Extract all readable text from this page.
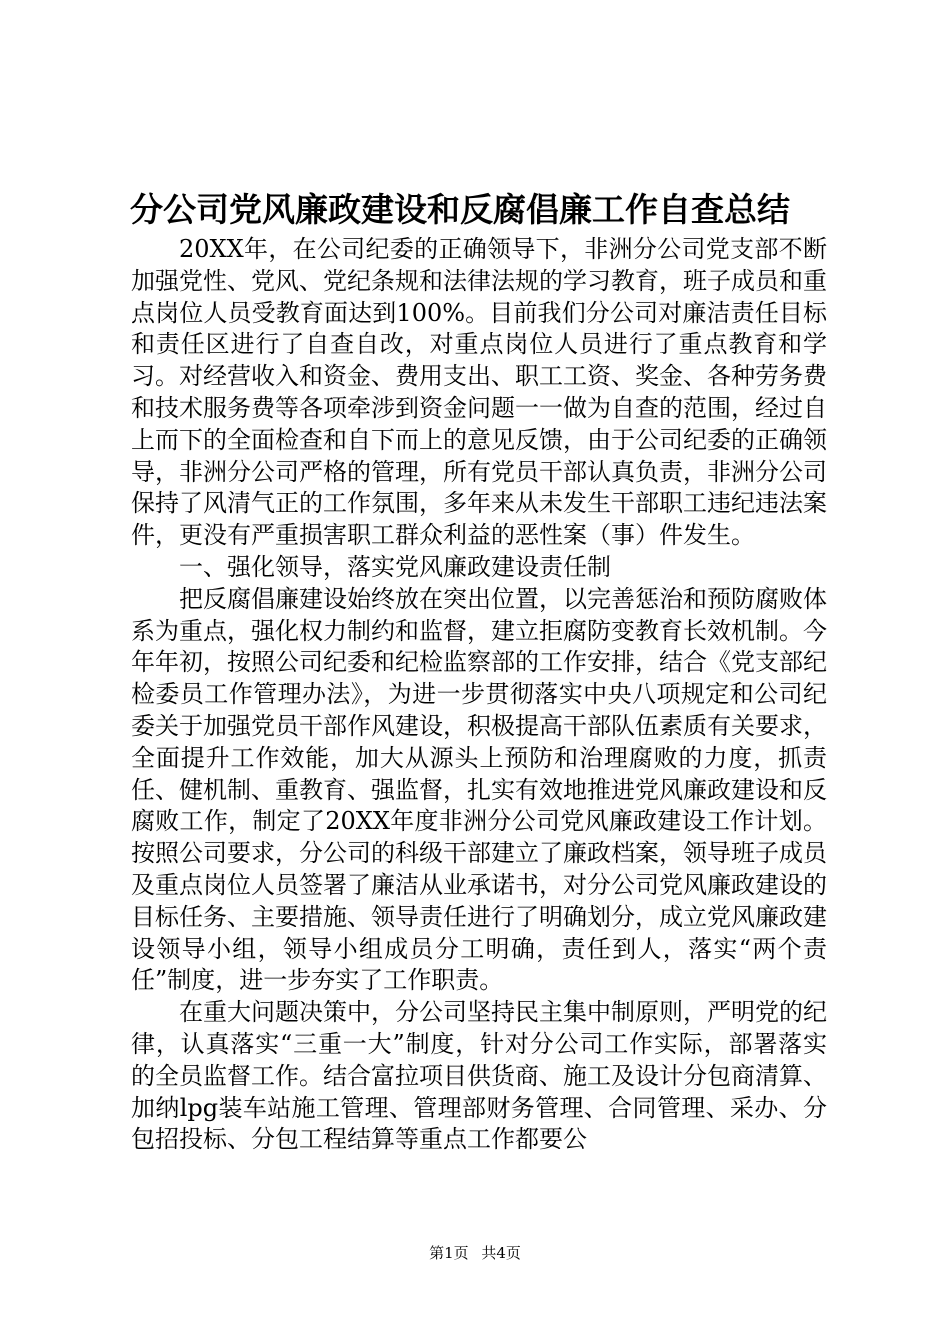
分公司党风廉政建设和反腐倡廉工作自查总结

20XX年，在公司纪委的正确领导下，非洲分公司党支部不断加强党性、党风、党纪条规和法律法规的学习教育，班子成员和重点岗位人员受教育面达到100%。目前我们分公司对廉洁责任目标和责任区进行了自查自改，对重点岗位人员进行了重点教育和学习。对经营收入和资金、费用支出、职工工资、奖金、各种劳务费和技术服务费等各项牵涉到资金问题一一做为自查的范围，经过自上而下的全面检查和自下而上的意见反馈，由于公司纪委的正确领导，非洲分公司严格的管理，所有党员干部认真负责，非洲分公司保持了风清气正的工作氛围，多年来从未发生干部职工违纪违法案件，更没有严重损害职工群众利益的恶性案（事）件发生。

一、强化领导，落实党风廉政建设责任制

把反腐倡廉建设始终放在突出位置，以完善惩治和预防腐败体系为重点，强化权力制约和监督，建立拒腐防变教育长效机制。今年年初，按照公司纪委和纪检监察部的工作安排，结合《党支部纪检委员工作管理办法》，为进一步贯彻落实中央八项规定和公司纪委关于加强党员干部作风建设，积极提高干部队伍素质有关要求，全面提升工作效能，加大从源头上预防和治理腐败的力度，抓责任、健机制、重教育、强监督，扎实有效地推进党风廉政建设和反腐败工作，制定了20XX年度非洲分公司党风廉政建设工作计划。按照公司要求，分公司的科级干部建立了廉政档案，领导班子成员及重点岗位人员签署了廉洁从业承诺书，对分公司党风廉政建设的目标任务、主要措施、领导责任进行了明确划分，成立党风廉政建设领导小组，领导小组成员分工明确，责任到人，落实“两个责任”制度，进一步夯实了工作职责。

在重大问题决策中，分公司坚持民主集中制原则，严明党的纪律，认真落实“三重一大”制度，针对分公司工作实际，部署落实的全员监督工作。结合富拉项目供货商、施工及设计分包商清算、加纳lpg装车站施工管理、管理部财务管理、合同管理、采办、分包招投标、分包工程结算等重点工作都要公

第1页 共4页
